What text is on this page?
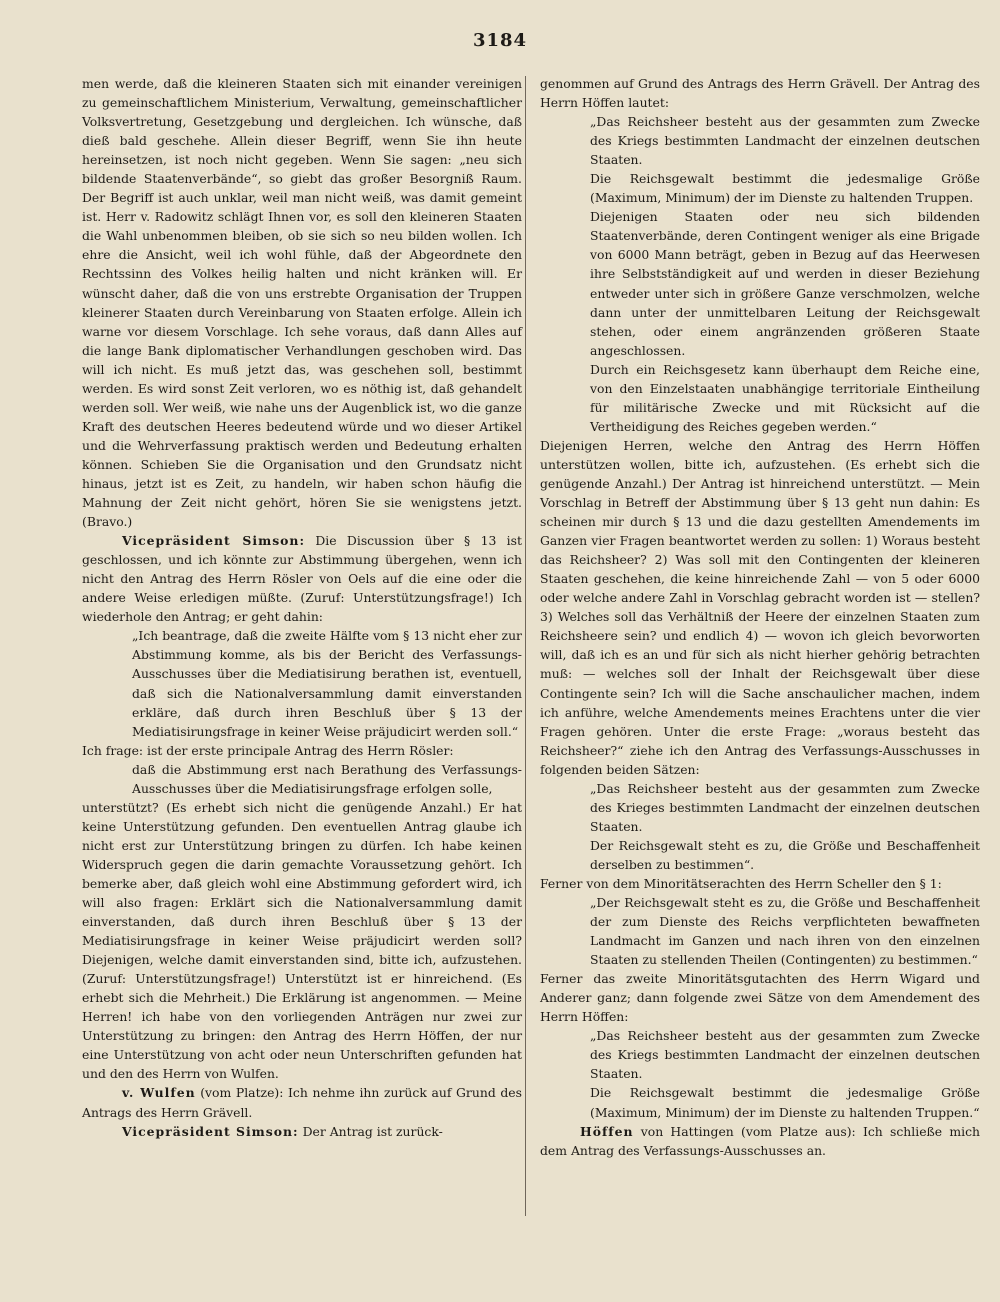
3184

men werde, daß die kleineren Staaten sich mit einander vereinigen zu gemeinschaftlichem Ministerium, Verwaltung, gemeinschaftlicher Volksvertretung, Gesetzgebung und dergleichen. Ich wünsche, daß dieß bald geschehe. Allein dieser Begriff, wenn Sie ihn heute hereinsetzen, ist noch nicht gegeben. Wenn Sie sagen: „neu sich bildende Staatenverbände“, so giebt das großer Besorgniß Raum. Der Begriff ist auch unklar, weil man nicht weiß, was damit gemeint ist. Herr v. Radowitz schlägt Ihnen vor, es soll den kleineren Staaten die Wahl unbenommen bleiben, ob sie sich so neu bilden wollen. Ich ehre die Ansicht, weil ich wohl fühle, daß der Abgeordnete den Rechtssinn des Volkes heilig halten und nicht kränken will. Er wünscht daher, daß die von uns erstrebte Organisation der Truppen kleinerer Staaten durch Vereinbarung von Staaten erfolge. Allein ich warne vor diesem Vorschlage. Ich sehe voraus, daß dann Alles auf die lange Bank diplomatischer Verhandlungen geschoben wird. Das will ich nicht. Es muß jetzt das, was geschehen soll, bestimmt werden. Es wird sonst Zeit verloren, wo es nöthig ist, daß gehandelt werden soll. Wer weiß, wie nahe uns der Augenblick ist, wo die ganze Kraft des deutschen Heeres bedeutend würde und wo dieser Artikel und die Wehrverfassung praktisch werden und Bedeutung erhalten können. Schieben Sie die Organisation und den Grundsatz nicht hinaus, jetzt ist es Zeit, zu handeln, wir haben schon häufig die Mahnung der Zeit nicht gehört, hören Sie sie wenigstens jetzt. (Bravo.)

Vicepräsident Simson: Die Discussion über § 13 ist geschlossen, und ich könnte zur Abstimmung übergehen, wenn ich nicht den Antrag des Herrn Rösler von Oels auf die eine oder die andere Weise erledigen müßte. (Zuruf: Unterstützungsfrage!) Ich wiederhole den Antrag; er geht dahin:

„Ich beantrage, daß die zweite Hälfte vom § 13 nicht eher zur Abstimmung komme, als bis der Bericht des Verfassungs-Ausschusses über die Mediatisirung berathen ist, eventuell, daß sich die Nationalversammlung damit einverstanden erkläre, daß durch ihren Beschluß über § 13 der Mediatisirungsfrage in keiner Weise präjudicirt werden soll.“

Ich frage: ist der erste principale Antrag des Herrn Rösler:

daß die Abstimmung erst nach Berathung des Verfassungs-Ausschusses über die Mediatisirungsfrage erfolgen solle,

unterstützt? (Es erhebt sich nicht die genügende Anzahl.) Er hat keine Unterstützung gefunden. Den eventuellen Antrag glaube ich nicht erst zur Unterstützung bringen zu dürfen. Ich habe keinen Widerspruch gegen die darin gemachte Voraussetzung gehört. Ich bemerke aber, daß gleich wohl eine Abstimmung gefordert wird, ich will also fragen: Erklärt sich die Nationalversammlung damit einverstanden, daß durch ihren Beschluß über § 13 der Mediatisirungsfrage in keiner Weise präjudicirt werden soll? Diejenigen, welche damit einverstanden sind, bitte ich, aufzustehen. (Zuruf: Unterstützungsfrage!) Unterstützt ist er hinreichend. (Es erhebt sich die Mehrheit.) Die Erklärung ist angenommen. — Meine Herren! ich habe von den vorliegenden Anträgen nur zwei zur Unterstützung zu bringen: den Antrag des Herrn Höffen, der nur eine Unterstützung von acht oder neun Unterschriften gefunden hat und den des Herrn von Wulfen.

v. Wulfen (vom Platze): Ich nehme ihn zurück auf Grund des Antrags des Herrn Grävell.

Vicepräsident Simson: Der Antrag ist zurück-

genommen auf Grund des Antrags des Herrn Grävell. Der Antrag des Herrn Höffen lautet:

„Das Reichsheer besteht aus der gesammten zum Zwecke des Kriegs bestimmten Landmacht der einzelnen deutschen Staaten.

Die Reichsgewalt bestimmt die jedesmalige Größe (Maximum, Minimum) der im Dienste zu haltenden Truppen.

Diejenigen Staaten oder neu sich bildenden Staatenverbände, deren Contingent weniger als eine Brigade von 6000 Mann beträgt, geben in Bezug auf das Heerwesen ihre Selbstständigkeit auf und werden in dieser Beziehung entweder unter sich in größere Ganze verschmolzen, welche dann unter der unmittelbaren Leitung der Reichsgewalt stehen, oder einem angränzenden größeren Staate angeschlossen.

Durch ein Reichsgesetz kann überhaupt dem Reiche eine, von den Einzelstaaten unabhängige territoriale Eintheilung für militärische Zwecke und mit Rücksicht auf die Vertheidigung des Reiches gegeben werden.“

Diejenigen Herren, welche den Antrag des Herrn Höffen unterstützen wollen, bitte ich, aufzustehen. (Es erhebt sich die genügende Anzahl.) Der Antrag ist hinreichend unterstützt. — Mein Vorschlag in Betreff der Abstimmung über § 13 geht nun dahin: Es scheinen mir durch § 13 und die dazu gestellten Amendements im Ganzen vier Fragen beantwortet werden zu sollen: 1) Woraus besteht das Reichsheer? 2) Was soll mit den Contingenten der kleineren Staaten geschehen, die keine hinreichende Zahl — von 5 oder 6000 oder welche andere Zahl in Vorschlag gebracht worden ist — stellen? 3) Welches soll das Verhältniß der Heere der einzelnen Staaten zum Reichsheere sein? und endlich 4) — wovon ich gleich bevorworten will, daß ich es an und für sich als nicht hierher gehörig betrachten muß: — welches soll der Inhalt der Reichsgewalt über diese Contingente sein? Ich will die Sache anschaulicher machen, indem ich anführe, welche Amendements meines Erachtens unter die vier Fragen gehören. Unter die erste Frage: „woraus besteht das Reichsheer?“ ziehe ich den Antrag des Verfassungs-Ausschusses in folgenden beiden Sätzen:

„Das Reichsheer besteht aus der gesammten zum Zwecke des Krieges bestimmten Landmacht der einzelnen deutschen Staaten.

Der Reichsgewalt steht es zu, die Größe und Beschaffenheit derselben zu bestimmen“.

Ferner von dem Minoritätserachten des Herrn Scheller den § 1:

„Der Reichsgewalt steht es zu, die Größe und Beschaffenheit der zum Dienste des Reichs verpflichteten bewaffneten Landmacht im Ganzen und nach ihren von den einzelnen Staaten zu stellenden Theilen (Contingenten) zu bestimmen.“

Ferner das zweite Minoritätsgutachten des Herrn Wigard und Anderer ganz; dann folgende zwei Sätze von dem Amendement des Herrn Höffen:

„Das Reichsheer besteht aus der gesammten zum Zwecke des Kriegs bestimmten Landmacht der einzelnen deutschen Staaten.

Die Reichsgewalt bestimmt die jedesmalige Größe (Maximum, Minimum) der im Dienste zu haltenden Truppen.“

Höffen von Hattingen (vom Platze aus): Ich schließe mich dem Antrag des Verfassungs-Ausschusses an.
